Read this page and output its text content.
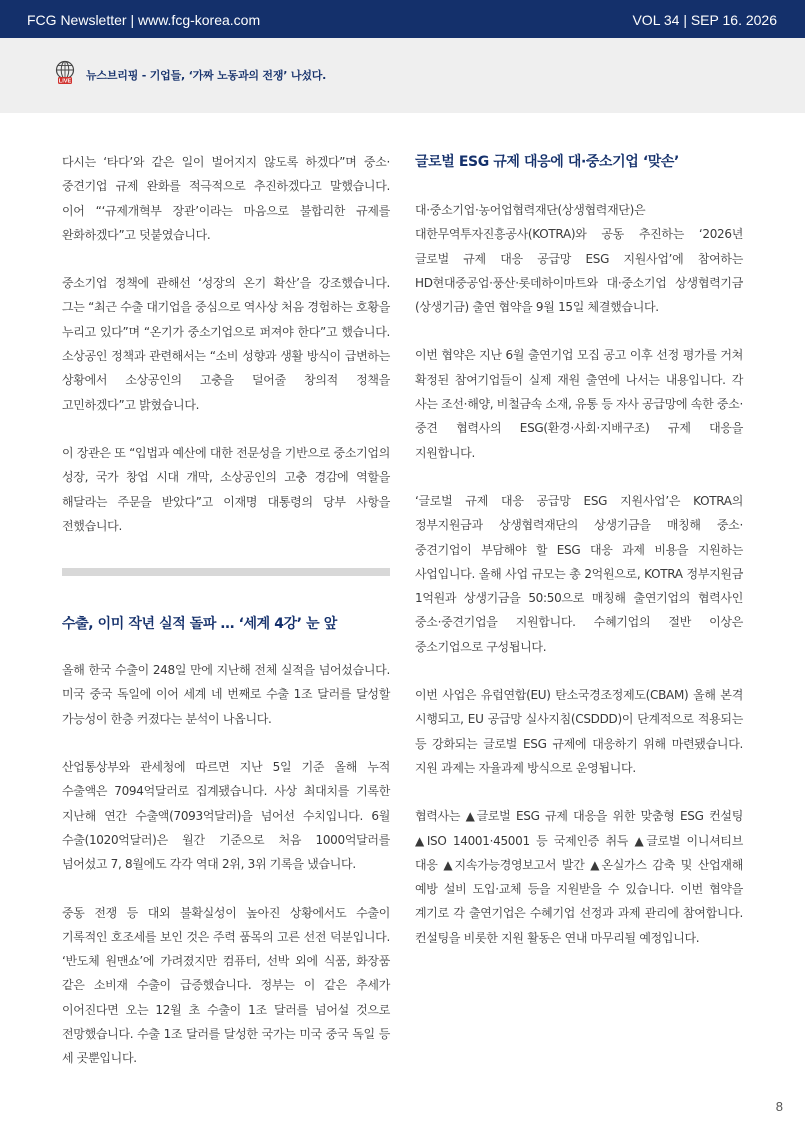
FCG Newsletter | www.fcg-korea.com	VOL 34 | SEP 16. 2026
LIVE 뉴스브리핑 - 기업들, ‘가짜 노동과의 전쟁’ 나섰다.

다시는 ‘타다’와 같은 일이 벌어지지 않도록 하겠다”며 중소·중견기업 규제 완화를 적극적으로 추진하겠다고 말했습니다. 이어 “‘규제개혁부 장관’이라는 마음으로 불합리한 규제를 완화하겠다”고 덧붙였습니다.

중소기업 정책에 관해선 ‘성장의 온기 확산’을 강조했습니다. 그는 “최근 수출 대기업을 중심으로 역사상 처음 경험하는 호황을 누리고 있다”며 “온기가 중소기업으로 퍼져야 한다”고 했습니다. 소상공인 정책과 관련해서는 “소비 성향과 생활 방식이 급변하는 상황에서 소상공인의 고충을 덜어줄 창의적 정책을 고민하겠다”고 밝혔습니다.

이 장관은 또 “입법과 예산에 대한 전문성을 기반으로 중소기업의 성장, 국가 창업 시대 개막, 소상공인의 고충 경감에 역할을 해달라는 주문을 받았다”고 이재명 대통령의 당부 사항을 전했습니다.

수출, 이미 작년 실적 돌파 … ‘세계 4강’ 눈 앞

올해 한국 수출이 248일 만에 지난해 전체 실적을 넘어섰습니다. 미국 중국 독일에 이어 세계 네 번째로 수출 1조 달러를 달성할 가능성이 한층 커졌다는 분석이 나옵니다.

산업통상부와 관세청에 따르면 지난 5일 기준 올해 누적 수출액은 7094억달러로 집계됐습니다. 사상 최대치를 기록한 지난해 연간 수출액(7093억달러)을 넘어선 수치입니다. 6월 수출(1020억달러)은 월간 기준으로 처음 1000억달러를 넘어섰고 7, 8월에도 각각 역대 2위, 3위 기록을 냈습니다.

중동 전쟁 등 대외 불확실성이 높아진 상황에서도 수출이 기록적인 호조세를 보인 것은 주력 품목의 고른 선전 덕분입니다. ‘반도체 원맨쇼’에 가려졌지만 컴퓨터, 선박 외에 식품, 화장품 같은 소비재 수출이 급증했습니다. 정부는 이 같은 추세가 이어진다면 오는 12월 초 수출이 1조 달러를 넘어설 것으로 전망했습니다. 수출 1조 달러를 달성한 국가는 미국 중국 독일 등 세 곳뿐입니다.

글로벌 ESG 규제 대응에 대·중소기업 ‘맞손’

대·중소기업·농어업협력재단(상생협력재단)은 대한무역투자진흥공사(KOTRA)와 공동 추진하는 ‘2026년 글로벌 규제 대응 공급망 ESG 지원사업’에 참여하는 HD현대중공업·풍산·롯데하이마트와 대·중소기업 상생협력기금(상생기금) 출연 협약을 9월 15일 체결했습니다.

이번 협약은 지난 6월 출연기업 모집 공고 이후 선정 평가를 거쳐 확정된 참여기업들이 실제 재원 출연에 나서는 내용입니다. 각 사는 조선·해양, 비철금속 소재, 유통 등 자사 공급망에 속한 중소·중견 협력사의 ESG(환경·사회·지배구조) 규제 대응을 지원합니다.

‘글로벌 규제 대응 공급망 ESG 지원사업’은 KOTRA의 정부지원금과 상생협력재단의 상생기금을 매칭해 중소·중견기업이 부담해야 할 ESG 대응 과제 비용을 지원하는 사업입니다. 올해 사업 규모는 총 2억원으로, KOTRA 정부지원금 1억원과 상생기금을 50:50으로 매칭해 출연기업의 협력사인 중소·중견기업을 지원합니다. 수혜기업의 절반 이상은 중소기업으로 구성됩니다.

이번 사업은 유럽연합(EU) 탄소국경조정제도(CBAM) 올해 본격 시행되고, EU 공급망 실사지침(CSDDD)이 단계적으로 적용되는 등 강화되는 글로벌 ESG 규제에 대응하기 위해 마련됐습니다. 지원 과제는 자율과제 방식으로 운영됩니다.

협력사는 ▲글로벌 ESG 규제 대응을 위한 맞춤형 ESG 컨설팅 ▲ISO 14001·45001 등 국제인증 취득 ▲글로벌 이니셔티브 대응 ▲지속가능경영보고서 발간 ▲온실가스 감축 및 산업재해 예방 설비 도입·교체 등을 지원받을 수 있습니다. 이번 협약을 계기로 각 출연기업은 수혜기업 선정과 과제 관리에 참여합니다. 컨설팅을 비롯한 지원 활동은 연내 마무리될 예정입니다.

8
